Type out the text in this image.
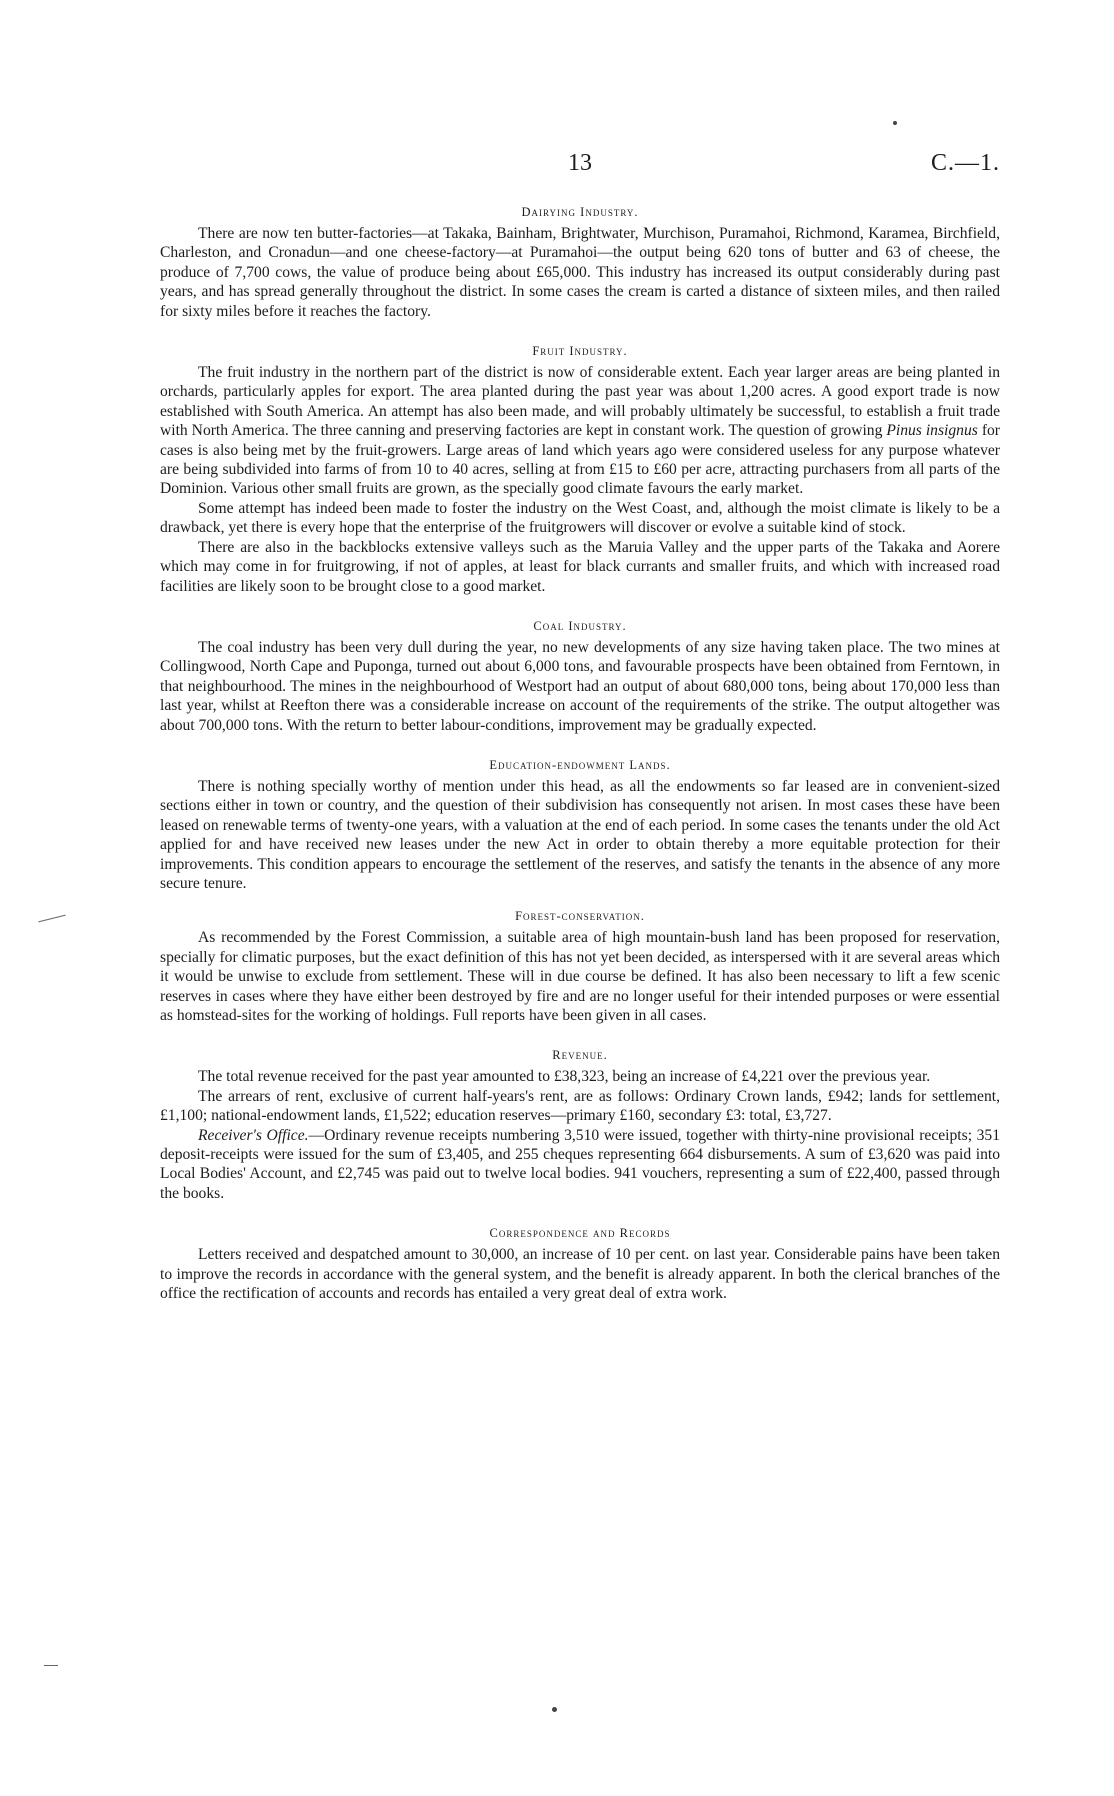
13	C.—1.
Dairying Industry.

There are now ten butter-factories—at Takaka, Bainham, Brightwater, Murchison, Puramahoi, Richmond, Karamea, Birchfield, Charleston, and Cronadun—and one cheese-factory—at Puramahoi—the output being 620 tons of butter and 63 of cheese, the produce of 7,700 cows, the value of produce being about £65,000. This industry has increased its output considerably during past years, and has spread generally throughout the district. In some cases the cream is carted a distance of sixteen miles, and then railed for sixty miles before it reaches the factory.

Fruit Industry.

The fruit industry in the northern part of the district is now of considerable extent. Each year larger areas are being planted in orchards, particularly apples for export. The area planted during the past year was about 1,200 acres. A good export trade is now established with South America. An attempt has also been made, and will probably ultimately be successful, to establish a fruit trade with North America. The three canning and preserving factories are kept in constant work. The question of growing Pinus insignus for cases is also being met by the fruit-growers. Large areas of land which years ago were considered useless for any purpose whatever are being subdivided into farms of from 10 to 40 acres, selling at from £15 to £60 per acre, attracting purchasers from all parts of the Dominion. Various other small fruits are grown, as the specially good climate favours the early market.

Some attempt has indeed been made to foster the industry on the West Coast, and, although the moist climate is likely to be a drawback, yet there is every hope that the enterprise of the fruitgrowers will discover or evolve a suitable kind of stock.

There are also in the backblocks extensive valleys such as the Maruia Valley and the upper parts of the Takaka and Aorere which may come in for fruitgrowing, if not of apples, at least for black currants and smaller fruits, and which with increased road facilities are likely soon to be brought close to a good market.

Coal Industry.

The coal industry has been very dull during the year, no new developments of any size having taken place. The two mines at Collingwood, North Cape and Puponga, turned out about 6,000 tons, and favourable prospects have been obtained from Ferntown, in that neighbourhood. The mines in the neighbourhood of Westport had an output of about 680,000 tons, being about 170,000 less than last year, whilst at Reefton there was a considerable increase on account of the requirements of the strike. The output altogether was about 700,000 tons. With the return to better labour-conditions, improvement may be gradually expected.

Education-endowment Lands.

There is nothing specially worthy of mention under this head, as all the endowments so far leased are in convenient-sized sections either in town or country, and the question of their subdivision has consequently not arisen. In most cases these have been leased on renewable terms of twenty-one years, with a valuation at the end of each period. In some cases the tenants under the old Act applied for and have received new leases under the new Act in order to obtain thereby a more equitable protection for their improvements. This condition appears to encourage the settlement of the reserves, and satisfy the tenants in the absence of any more secure tenure.

Forest-conservation.

As recommended by the Forest Commission, a suitable area of high mountain-bush land has been proposed for reservation, specially for climatic purposes, but the exact definition of this has not yet been decided, as interspersed with it are several areas which it would be unwise to exclude from settlement. These will in due course be defined. It has also been necessary to lift a few scenic reserves in cases where they have either been destroyed by fire and are no longer useful for their intended purposes or were essential as homstead-sites for the working of holdings. Full reports have been given in all cases.

Revenue.

The total revenue received for the past year amounted to £38,323, being an increase of £4,221 over the previous year.

The arrears of rent, exclusive of current half-years's rent, are as follows: Ordinary Crown lands, £942; lands for settlement, £1,100; national-endowment lands, £1,522; education reserves—primary £160, secondary £3: total, £3,727.

Receiver's Office.—Ordinary revenue receipts numbering 3,510 were issued, together with thirty-nine provisional receipts; 351 deposit-receipts were issued for the sum of £3,405, and 255 cheques representing 664 disbursements. A sum of £3,620 was paid into Local Bodies' Account, and £2,745 was paid out to twelve local bodies. 941 vouchers, representing a sum of £22,400, passed through the books.

Correspondence and Records

Letters received and despatched amount to 30,000, an increase of 10 per cent. on last year. Considerable pains have been taken to improve the records in accordance with the general system, and the benefit is already apparent. In both the clerical branches of the office the rectification of accounts and records has entailed a very great deal of extra work.
